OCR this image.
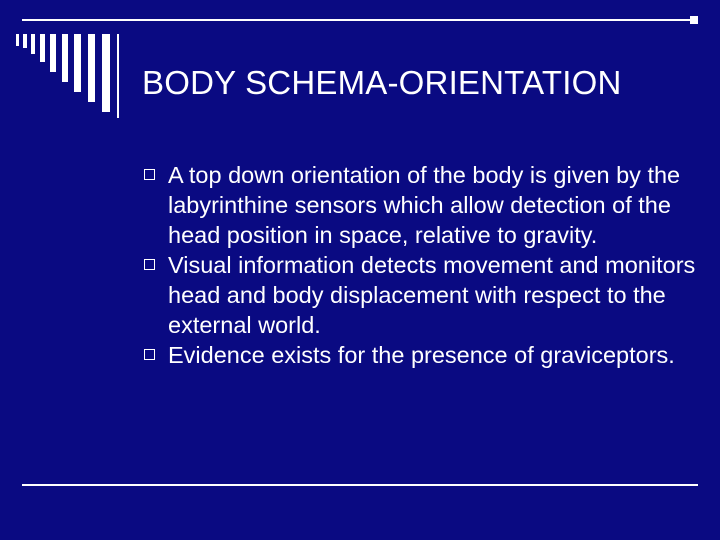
BODY SCHEMA-ORIENTATION
A top down orientation of the body is given by the labyrinthine sensors which allow detection of the head position in space, relative to gravity.
Visual information detects movement and monitors head and body displacement with respect to the external world.
Evidence exists for the presence of graviceptors.
